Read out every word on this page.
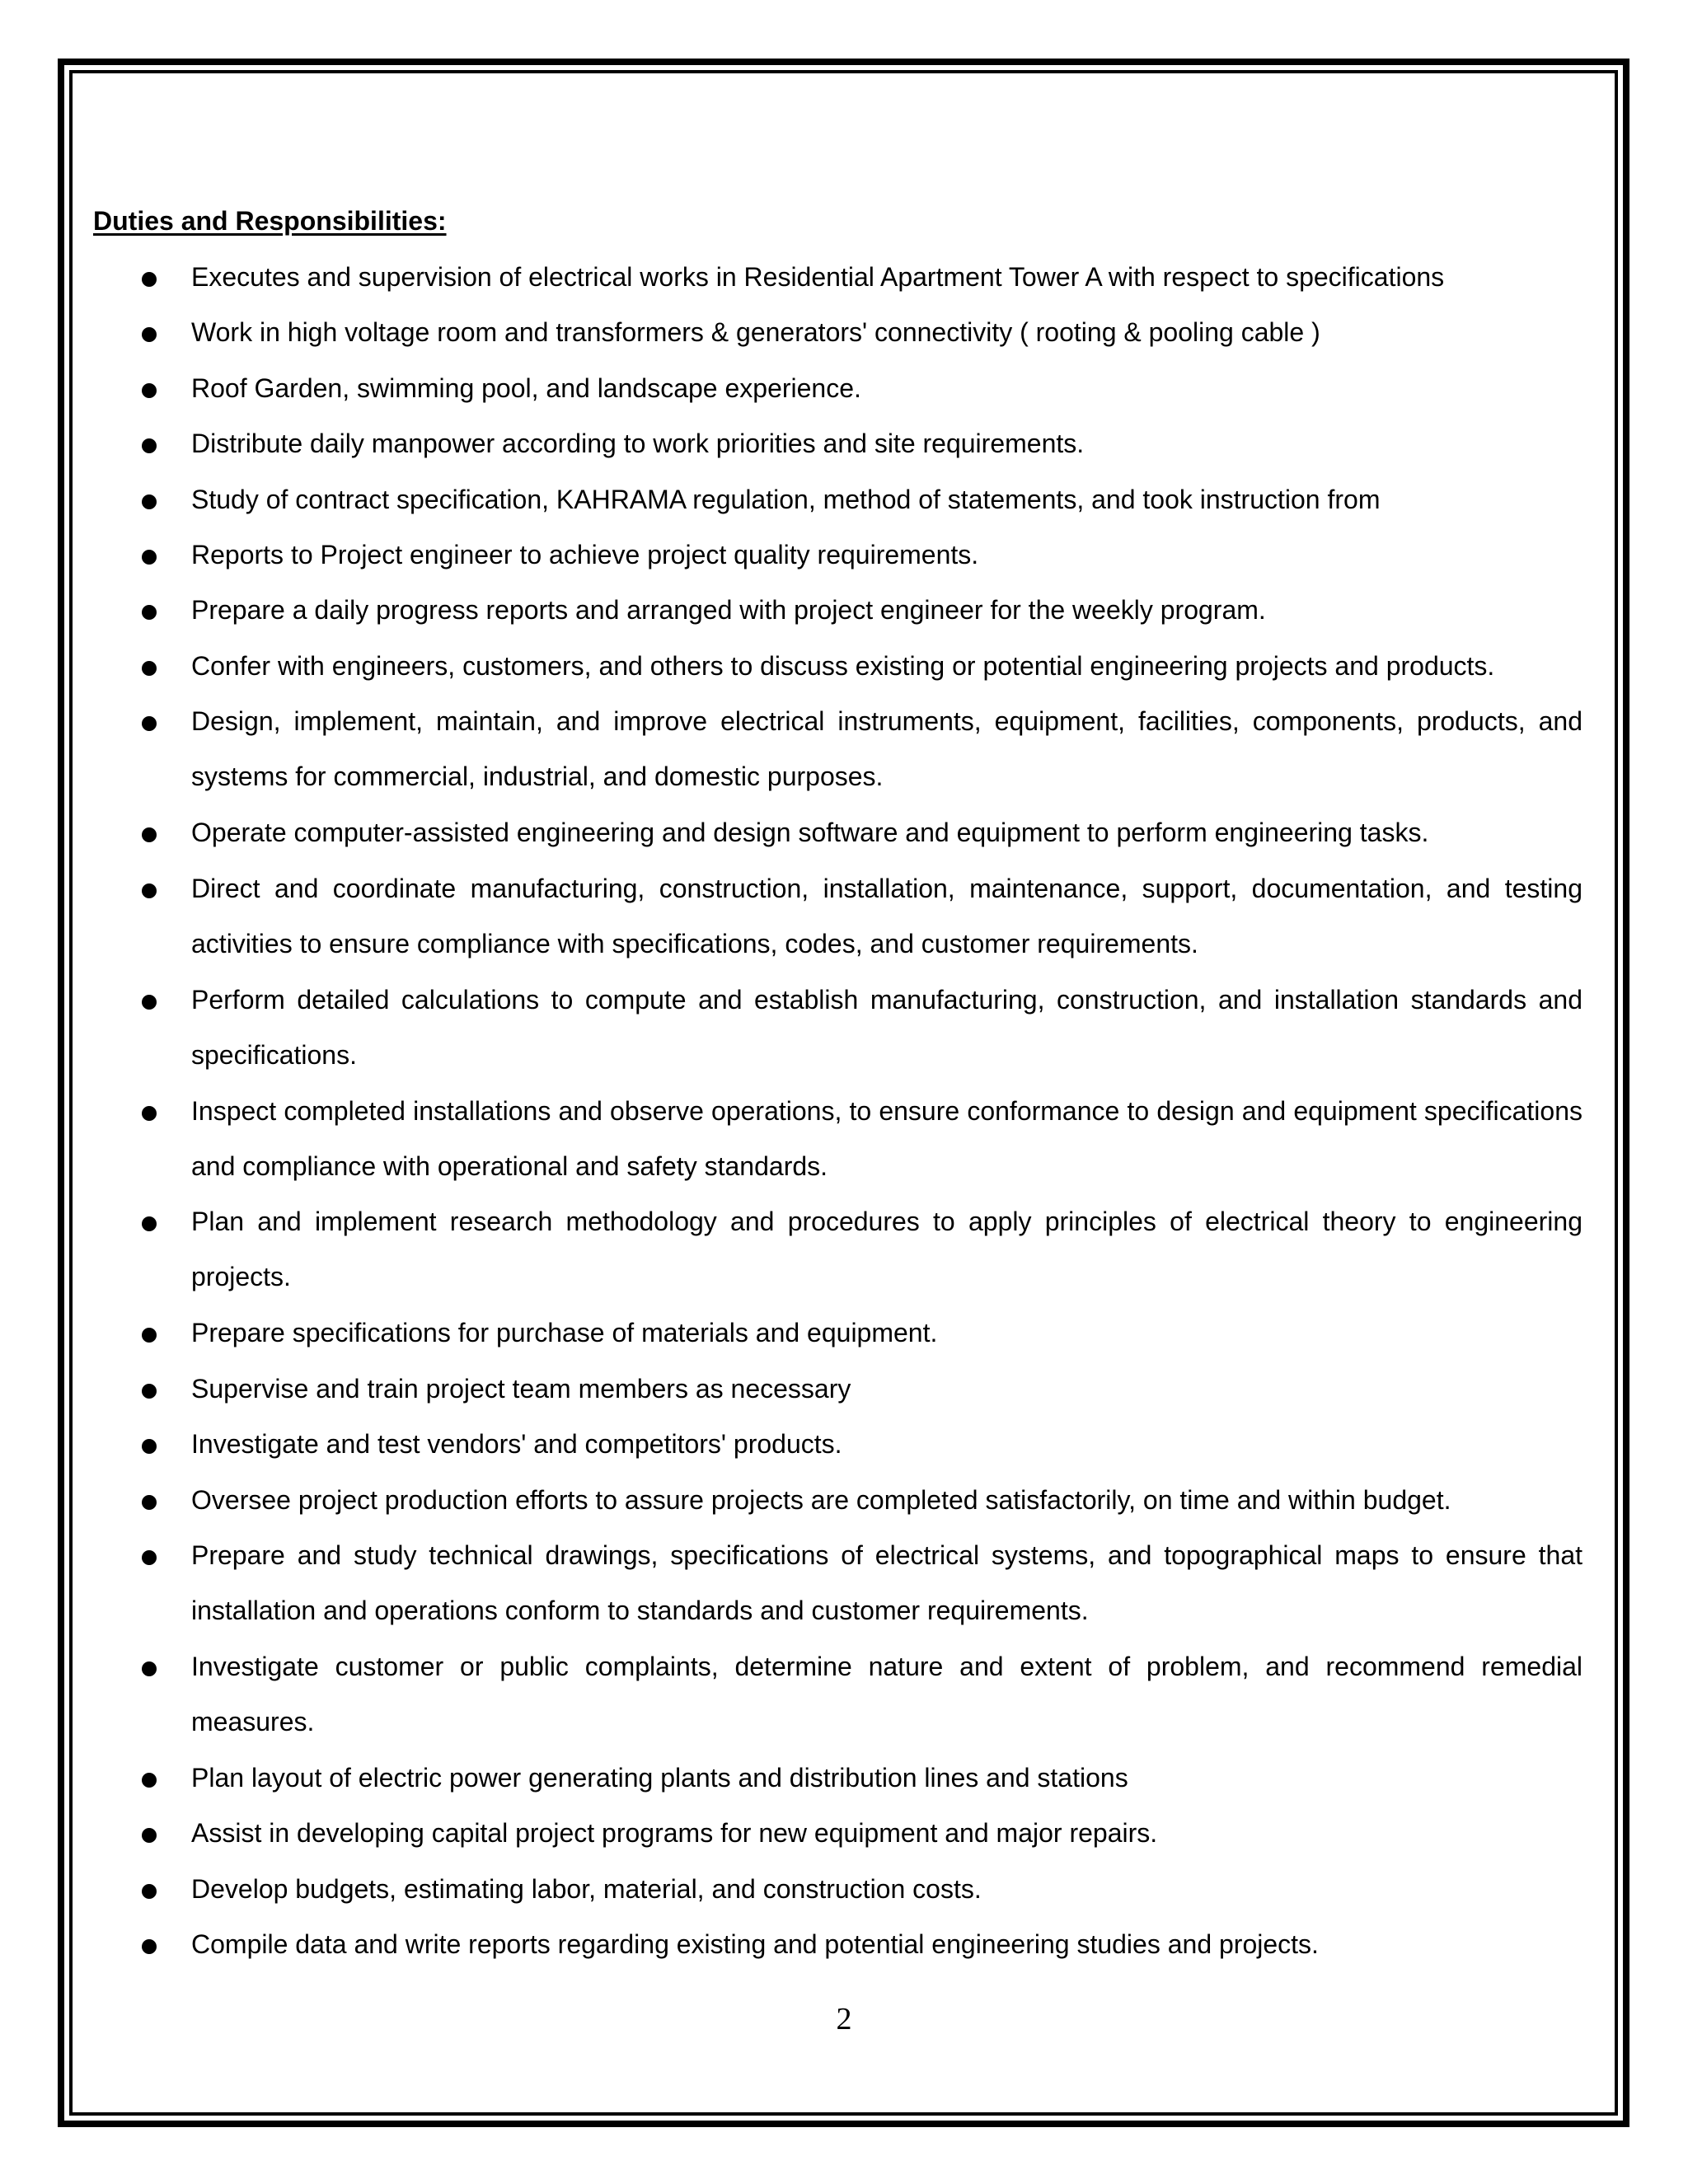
Duties and Responsibilities:
Executes and supervision of electrical works in Residential Apartment Tower A with respect to specifications
Work in high voltage room and transformers & generators' connectivity ( rooting & pooling cable )
Roof Garden, swimming pool, and landscape experience.
Distribute daily manpower according to work priorities and site requirements.
Study of contract specification, KAHRAMA regulation, method of statements, and took instruction from
Reports to Project engineer to achieve project quality requirements.
Prepare a daily progress reports and arranged with project engineer for the weekly program.
Confer with engineers, customers, and others to discuss existing or potential engineering projects and products.
Design, implement, maintain, and improve electrical instruments, equipment, facilities, components, products, and systems for commercial, industrial, and domestic purposes.
Operate computer-assisted engineering and design software and equipment to perform engineering tasks.
Direct and coordinate manufacturing, construction, installation, maintenance, support, documentation, and testing activities to ensure compliance with specifications, codes, and customer requirements.
Perform detailed calculations to compute and establish manufacturing, construction, and installation standards and specifications.
Inspect completed installations and observe operations, to ensure conformance to design and equipment specifications and compliance with operational and safety standards.
Plan and implement research methodology and procedures to apply principles of electrical theory to engineering projects.
Prepare specifications for purchase of materials and equipment.
Supervise and train project team members as necessary
Investigate and test vendors' and competitors' products.
Oversee project production efforts to assure projects are completed satisfactorily, on time and within budget.
Prepare and study technical drawings, specifications of electrical systems, and topographical maps to ensure that installation and operations conform to standards and customer requirements.
Investigate customer or public complaints, determine nature and extent of problem, and recommend remedial measures.
Plan layout of electric power generating plants and distribution lines and stations
Assist in developing capital project programs for new equipment and major repairs.
Develop budgets, estimating labor, material, and construction costs.
Compile data and write reports regarding existing and potential engineering studies and projects.
2
